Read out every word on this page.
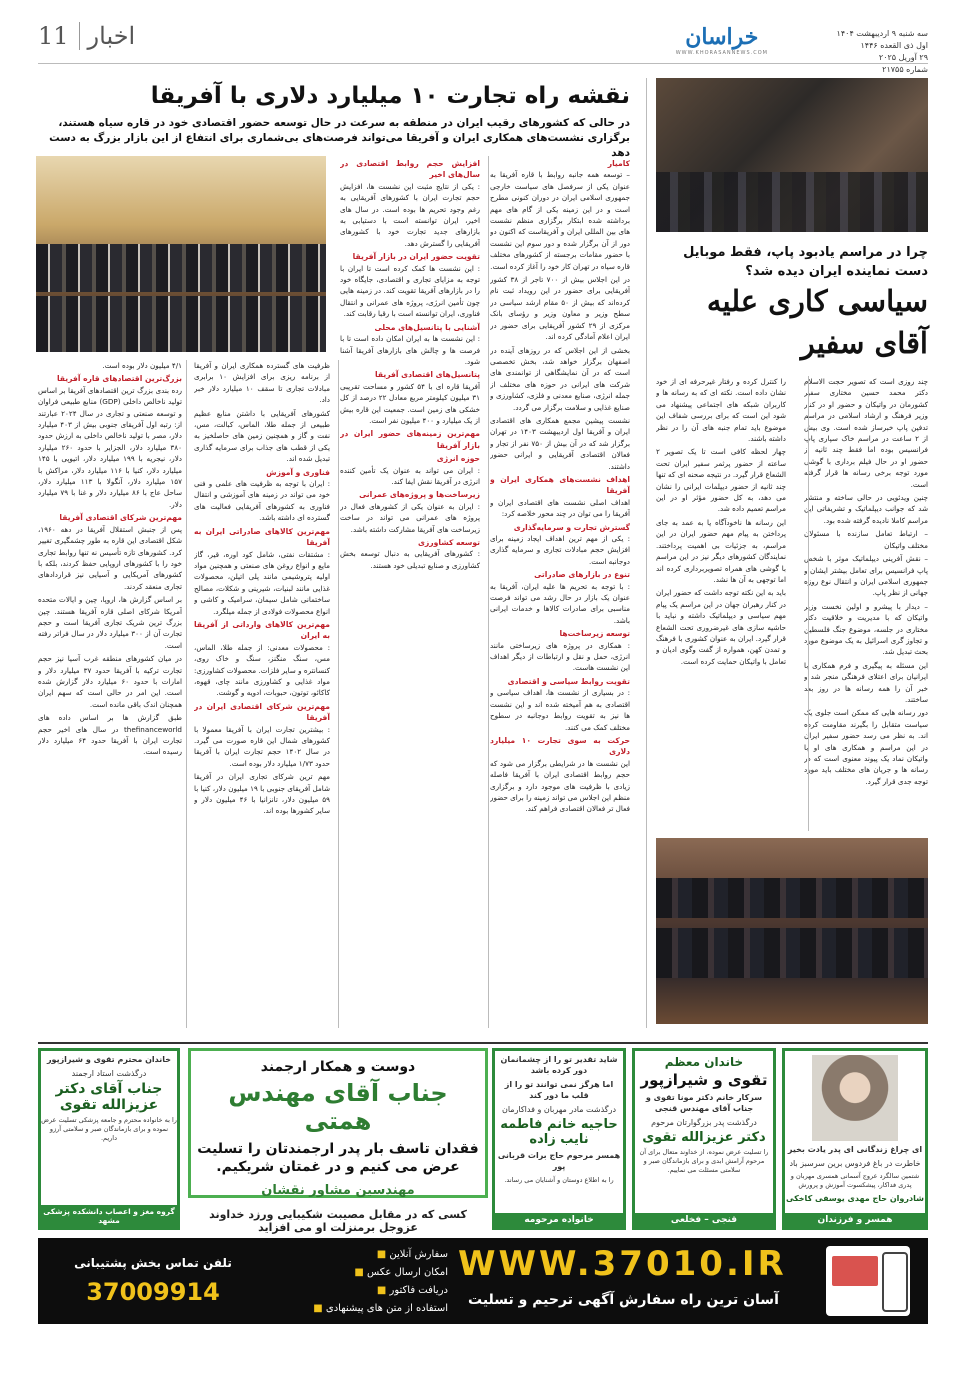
11 اخبار	خراسان
WWW.KHORASANNEWS.COM
سه شنبه ۹ اردیبهشت ۱۴۰۴
اول ذی القعده ۱۴۴۶
۲۹ آوریل ۲۰۲۵
شماره ۲۱۷۵۵
چرا در مراسم یادبود پاپ، فقط موبایل دست نماینده ایران دیده شد؟
سیاسی کاری علیه آقای سفیر
چند روزی است که تصویر حجت الاسلام دکتر محمد حسین مختاری سفیر کشورمان در واتیکان و حضور او در کنار وزیر فرهنگ و ارشاد اسلامی در مراسم تدفین پاپ خبرساز شده است. وی بیش از ۲ ساعت در مراسم خاک سپاری پاپ فرانسیس بوده اما فقط چند ثانیه از حضور او در حال فیلم برداری با گوشی مورد توجه برخی رسانه ها قرار گرفته است.
چنین ویدئویی در حالی ساخته و منتشر شد که جوانب دیپلماتیک و تشریفاتی این مراسم کاملا نادیده گرفته شده بود.
– ارتباط تعامل سازنده با مسئولان مختلف واتیکان
– نقش آفرینی دیپلماتیک موثر با شخص پاپ فرانسیس برای تعامل بیشتر ایشان و جمهوری اسلامی ایران و انتقال نوع روزه جهانی از نظر پاپ.
– دیدار با پیشرو و اولین نخست وزیر واتیکان که با مدیریت و خلاقیت دکتر مختاری در جلسه، موضوع جنگ فلسطین و تجاوز گری اسرائیل به یک موضوع مورد بحث تبدیل شد.
این مسئله به پیگیری و فرم همکاری با ایرانیان برای اعتلای فرهنگی منجر شد و خبر آن را همه رسانه ها در روز بعد ساختند.
دور رسانه هایی که ممکن است جلوی یک سیاست متقابل را بگیرند مقاومت کرده اند. به نظر می رسد حضور سفیر ایران در این مراسم و همکاری های او با واتیکان نماد یک پیوند معنوی است که در رسانه ها و جریان های مختلف باید مورد توجه جدی قرار گیرد.
را کنترل کرده و رفتار غیرحرفه ای از خود نشان داده است. نکته ای که به رسانه ها و کاربران شبکه های اجتماعی پیشنهاد می شود این است که برای بررسی شفاف این موضوع باید تمام جنبه های آن را در نظر داشته باشند.
چهار لحظه کافی است تا یک تصویر ۲ ساعته از حضور پرثمر سفیر ایران تحت الشعاع قرار گیرد. در نتیجه صحنه ای که تنها چند ثانیه از حضور دیپلمات ایرانی را نشان می دهد، به کل حضور مؤثر او در این مراسم تعمیم داده شد.
این رسانه ها ناخودآگاه یا به عمد به جای پرداختن به پیام مهم حضور ایران در این مراسم، به جزئیات بی اهمیت پرداختند. نمایندگان کشورهای دیگر نیز در این مراسم با گوشی های همراه تصویربرداری کرده اند اما توجهی به آن ها نشد.
باید به این نکته توجه داشت که حضور ایران در کنار رهبران جهان در این مراسم یک پیام مهم سیاسی و دیپلماتیک داشته و نباید با حاشیه سازی های غیرضروری تحت الشعاع قرار گیرد. ایران به عنوان کشوری با فرهنگ و تمدن کهن، همواره از گفت وگوی ادیان و تعامل با واتیکان حمایت کرده است.
نقشه راه تجارت ۱۰ میلیارد دلاری با آفریقا
در حالی که کشورهای رقیب ایران در منطقه به سرعت در حال توسعه حضور اقتصادی خود در قاره سیاه هستند، برگزاری نشست‌های همکاری ایران و آفریقا می‌تواند فرصت‌های بی‌شماری برای انتفاع از این بازار بزرگ به دست دهد
کامیار
– توسعه همه جانبه روابط با قاره آفریقا به عنوان یکی از سرفصل های سیاست خارجی جمهوری اسلامی ایران در دوران کنونی مطرح است و در این زمینه یکی از گام های مهم برداشته شده ابتکار برگزاری منظم نشست های بین المللی ایران و آفریقاست که اکنون دو دور از آن برگزار شده و دور سوم این نشست با حضور مقامات برجسته از کشورهای مختلف قاره سیاه در تهران کار خود را آغاز کرده است.
در این اجلاس بیش از ۷۰۰ تاجر از ۳۸ کشور آفریقایی برای حضور در این رویداد ثبت نام کرده‌اند که بیش از ۵۰ مقام ارشد سیاسی در سطح وزیر و معاون وزیر و رؤسای بانک مرکزی از ۲۹ کشور آفریقایی برای حضور در ایران اعلام آمادگی کرده اند.
بخشی از این اجلاس که در روزهای آینده در اصفهان برگزار خواهد شد، بخش تخصصی است که در آن نمایشگاهی از توانمندی های شرکت های ایرانی در حوزه های مختلف از جمله انرژی، صنایع معدنی و فلزی، کشاورزی و صنایع غذایی و سلامت برگزار می گردد.
نشست پیشین مجمع همکاری های اقتصادی ایران و آفریقا اول اردیبهشت ۱۴۰۳ در تهران برگزار شد که در آن بیش از ۷۵۰ نفر از تجار و فعالان اقتصادی آفریقایی و ایرانی حضور داشتند.
اهداف نشست‌های همکاری ایران و آفریقا
اهداف اصلی نشست های اقتصادی ایران و آفریقا را می توان در چند محور خلاصه کرد:
گسترش تجارت و سرمایه‌گذاری
: یکی از مهم ترین اهداف ایجاد زمینه برای افزایش حجم مبادلات تجاری و سرمایه گذاری دوجانبه است.
تنوع در بازارهای صادراتی
: با توجه به تحریم ها علیه ایران، آفریقا به عنوان یک بازار در حال رشد می تواند فرصت مناسبی برای صادرات کالاها و خدمات ایرانی باشد.
توسعه زیرساخت‌ها
: همکاری در پروژه های زیرساختی مانند انرژی، حمل و نقل و ارتباطات از دیگر اهداف این نشست هاست.
تقویت روابط سیاسی و اقتصادی
: در بسیاری از نشست ها، اهداف سیاسی و اقتصادی به هم آمیخته شده اند و این نشست ها نیز به تقویت روابط دوجانبه در سطوح مختلف کمک می کنند.
حرکت به سوی تجارت ۱۰ میلیارد دلاری
این نشست ها در شرایطی برگزار می شود که حجم روابط اقتصادی ایران با آفریقا فاصله زیادی با ظرفیت های موجود دارد و برگزاری منظم این اجلاس می تواند زمینه را برای حضور فعال تر فعالان اقتصادی فراهم کند.
افزایش حجم روابط اقتصادی در سال‌های اخیر
: یکی از نتایج مثبت این نشست ها، افزایش حجم تجارت ایران با کشورهای آفریقایی به رغم وجود تحریم ها بوده است. در سال های اخیر، ایران توانسته است با دستیابی به بازارهای جدید تجارت خود با کشورهای آفریقایی را گسترش دهد.
تقویت حضور ایران در بازار آفریقا
: این نشست ها کمک کرده است تا ایران با توجه به مزایای تجاری و اقتصادی، جایگاه خود را در بازارهای آفریقا تقویت کند. در زمینه هایی چون تأمین انرژی، پروژه های عمرانی و انتقال فناوری، ایران توانسته است با رقبا رقابت کند.
آشنایی با پتانسیل‌های محلی
: این نشست ها به ایران امکان داده است تا با فرصت ها و چالش های بازارهای آفریقا آشنا شود.
پتانسیل‌های اقتصادی آفریقا
آفریقا قاره ای با ۵۴ کشور و مساحت تقریبی ۳۱ میلیون کیلومتر مربع معادل ۲۲ درصد از کل خشکی های زمین است. جمعیت این قاره بیش از یک میلیارد و ۴۰۰ میلیون نفر است.
مهم‌ترین زمینه‌های حضور ایران در بازار آفریقا
حوزه انرژی
: ایران می تواند به عنوان یک تأمین کننده انرژی در آفریقا نقش ایفا کند.
زیرساخت‌ها و پروژه‌های عمرانی
: ایران به عنوان یکی از کشورهای فعال در پروژه های عمرانی می تواند در ساخت زیرساخت های آفریقا مشارکت داشته باشد.
توسعه کشاورزی
: کشورهای آفریقایی به دنبال توسعه بخش کشاورزی و صنایع تبدیلی خود هستند.
ظرفیت های گسترده همکاری ایران و آفریقا از برنامه ریزی برای افزایش ۱۰ برابری مبادلات تجاری تا سقف ۱۰ میلیارد دلار خبر داد.
کشورهای آفریقایی با داشتن منابع عظیم طبیعی از جمله طلا، الماس، کبالت، مس، نفت و گاز و همچنین زمین های حاصلخیز به یکی از قطب های جذاب برای سرمایه گذاری تبدیل شده اند.
فناوری و آموزش
: ایران با توجه به ظرفیت های علمی و فنی خود می تواند در زمینه های آموزشی و انتقال فناوری به کشورهای آفریقایی فعالیت های گسترده ای داشته باشد.
مهم‌ترین کالاهای صادراتی ایران به آفریقا
: مشتقات نفتی، شامل کود اوره، قیر، گاز مایع و انواع روغن های صنعتی و همچنین مواد اولیه پتروشیمی مانند پلی اتیلن، محصولات غذایی مانند لبنیات، شیرینی و شکلات، مصالح ساختمانی شامل سیمان، سرامیک و کاشی و انواع محصولات فولادی از جمله میلگرد.
مهم‌ترین کالاهای وارداتی از آفریقا به ایران
: محصولات معدنی: از جمله طلا، الماس، مس، سنگ منگنز، سنگ و خاک روی، کنسانتره و سایر فلزات. محصولات کشاورزی: مواد غذایی و کشاورزی مانند چای، قهوه، کاکائو، توتون، حبوبات، ادویه و گوشت.
مهم‌ترین شرکای اقتصادی ایران در آفریقا
: بیشترین تجارت ایران با آفریقا معمولا با کشورهای شمال این قاره صورت می گیرد. در سال ۱۴۰۲ حجم تجارت ایران با آفریقا حدود ۱/۷۳ میلیارد دلار بوده است.
مهم ترین شرکای تجاری ایران در آفریقا شامل آفریقای جنوبی با ۱۹ میلیون دلار، کنیا با ۵۹ میلیون دلار، تانزانیا با ۴۶ میلیون دلار و سایر کشورها بوده اند.
۴/۱ میلیون دلار بوده است.
بزرگ‌ترین اقتصادهای قاره آفریقا
رده بندی بزرگ ترین اقتصادهای آفریقا بر اساس تولید ناخالص داخلی (GDP) منابع طبیعی فراوان و توسعه صنعتی و تجاری در سال ۲۰۲۴ عبارتند از: رتبه اول آفریقای جنوبی بیش از ۴۰۳ میلیارد دلار، مصر با تولید ناخالص داخلی به ارزش حدود ۳۸۰ میلیارد دلار، الجزایر با حدود ۲۶۰ میلیارد دلار، نیجریه با ۱۹۹ میلیارد دلار، اتیوپی با ۱۴۵ میلیارد دلار، کنیا با ۱۱۶ میلیارد دلار، مراکش با ۱۵۷ میلیارد دلار، آنگولا با ۱۱۳ میلیارد دلار، ساحل عاج با ۸۶ میلیارد دلار و غنا با ۷۹ میلیارد دلار.
مهم‌ترین شرکای اقتصادی آفریقا
پس از جنبش استقلال آفریقا در دهه ۱۹۶۰، شکل اقتصادی این قاره به طور چشمگیری تغییر کرد. کشورهای تازه تأسیس نه تنها روابط تجاری خود را با کشورهای اروپایی حفظ کردند، بلکه با کشورهای آمریکایی و آسیایی نیز قراردادهای تجاری منعقد کردند.
بر اساس گزارش ها، اروپا، چین و ایالات متحده آمریکا شرکای اصلی قاره آفریقا هستند. چین بزرگ ترین شریک تجاری آفریقا است و حجم تجارت آن از ۳۰۰ میلیارد دلار در سال فراتر رفته است.
در میان کشورهای منطقه غرب آسیا نیز حجم تجارت ترکیه با آفریقا حدود ۳۷ میلیارد دلار و امارات با حدود ۶۰ میلیارد دلار گزارش شده است. این امر در حالی است که سهم ایران همچنان اندک باقی مانده است.
طبق گزارش ها بر اساس داده های thefinanceworld در سال های اخیر حجم تجارت ایران با آفریقا حدود ۶۴ میلیارد دلار رسیده است.
ای چراغ زندگانی ای پدر یادت بخیر
خاطرت در باغ فردوس برین سرسبز باد
شتمین سالگرد عروج آسمانی همسری مهربان و پدری فداکار، پیشکسوت آموزش و پرورش
شادروان حاج مهدی یوسفی کاخکی
همسر و فرزندان
خاندان معظم
تقوی و شیرازپور
سرکار خانم دکتر مونا تقوی و جناب آقای مهندس قنجی
درگذشت پدر بزرگوارتان مرحوم
دکتر عزیزالله تقوی
را تسلیت عرض نموده، از خداوند متعال برای آن مرحوم آرامش ابدی و برای بازماندگان صبر و سلامتی مسئلت می نماییم.
قنجی – فخلعی
شاید تقدیر تو را از چشمانمان دور کرده باشد
اما هرگز نمی توانند تو را از قلب ما دور کند
درگذشت مادر مهربان و فداکارمان
حاجیه خانم فاطمه نایب زاده
همسر مرحوم حاج برات قربانی پور
را به اطلاع دوستان و آشنایان می رساند.
خانواده مرحومه
دوست و همکار ارجمند
جناب آقای مهندس همتی
فقدان تاسف بار پدر ارجمندتان را تسلیت
عرض می کنیم و در غمتان شریکیم.
مهندسین مشاور نقشان
کسی که در مقابل مصیبت شکیبایی ورزد خداوند عزوجل برمنزلت او می افزاید
خاندان محترم تقوی و شیرازپور
درگذشت استاد ارجمند
جناب آقای دکتر عزیزالله تقوی
را به خانواده محترم و جامعه پزشکی تسلیت عرض نموده و برای بازماندگان صبر و سلامتی آرزو داریم.
گروه مغز و اعصاب دانشکده پزشکی مشهد
WWW.37010.IR
آسان ترین راه سفارش آگهی ترحیم و تسلیت
سفارش آنلاین ■
امکان ارسال عکس ■
دریافت فاکتور ■
استفاده از متن های پیشنهادی ■
تلفن تماس بخش پشتیبانی
37009914
